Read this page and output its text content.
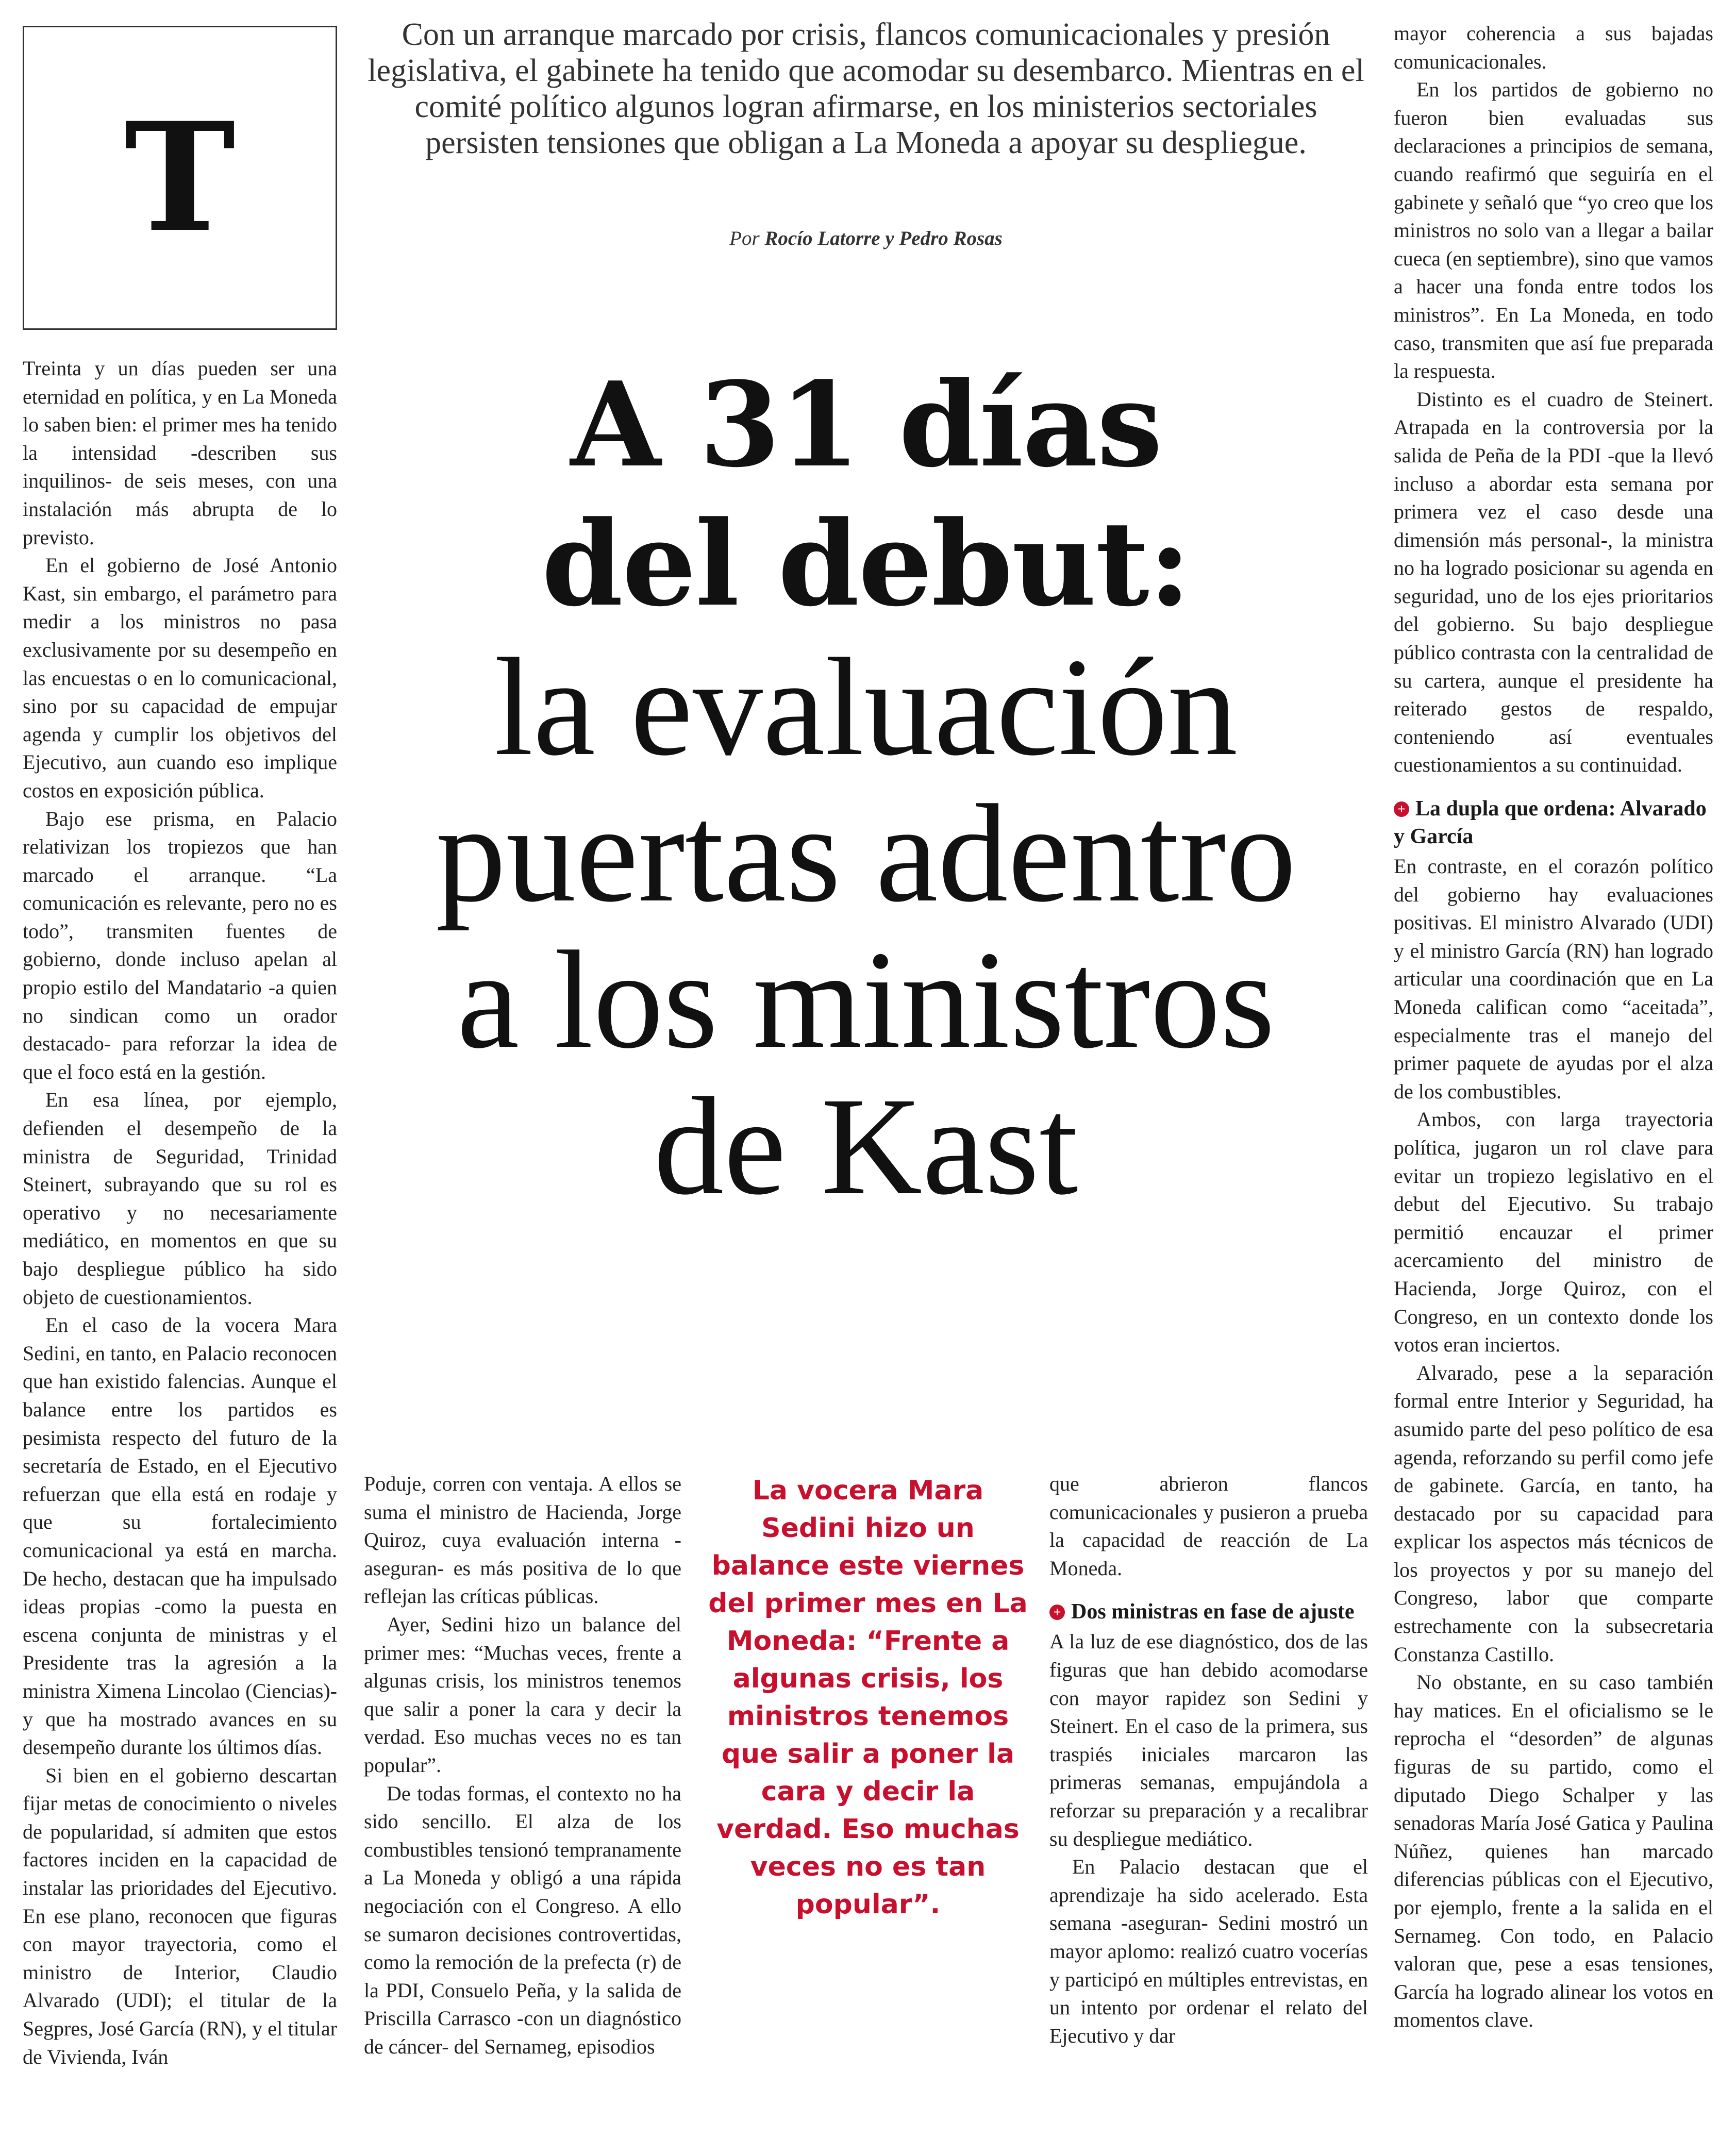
T
Con un arranque marcado por crisis, flancos comunicacionales y presión legislativa, el gabinete ha tenido que acomodar su desembarco. Mientras en el comité político algunos logran afirmarse, en los ministerios sectoriales persisten tensiones que obligan a La Moneda a apoyar su despliegue.
Por Rocío Latorre y Pedro Rosas
A 31 días
del debut:
la evaluación
puertas adentro
a los ministros
de Kast

Treinta y un días pueden ser una eternidad en política, y en La Moneda lo saben bien: el primer mes ha tenido la intensidad -describen sus inquilinos- de seis meses, con una instalación más abrupta de lo previsto.

En el gobierno de José Antonio Kast, sin embargo, el parámetro para medir a los ministros no pasa exclusivamente por su desempeño en las encuestas o en lo comunicacional, sino por su capacidad de empujar agenda y cumplir los objetivos del Ejecutivo, aun cuando eso implique costos en exposición pública.

Bajo ese prisma, en Palacio relativizan los tropiezos que han marcado el arranque. “La comunicación es relevante, pero no es todo”, transmiten fuentes de gobierno, donde incluso apelan al propio estilo del Mandatario -a quien no sindican como un orador destacado- para reforzar la idea de que el foco está en la gestión.

En esa línea, por ejemplo, defienden el desempeño de la ministra de Seguridad, Trinidad Steinert, subrayando que su rol es operativo y no necesariamente mediático, en momentos en que su bajo despliegue público ha sido objeto de cuestionamientos.

En el caso de la vocera Mara Sedini, en tanto, en Palacio reconocen que han existido falencias. Aunque el balance entre los partidos es pesimista respecto del futuro de la secretaría de Estado, en el Ejecutivo refuerzan que ella está en rodaje y que su fortalecimiento comunicacional ya está en marcha. De hecho, destacan que ha impulsado ideas propias -como la puesta en escena conjunta de ministras y el Presidente tras la agresión a la ministra Ximena Lincolao (Ciencias)- y que ha mostrado avances en su desempeño durante los últimos días.

Si bien en el gobierno descartan fijar metas de conocimiento o niveles de popularidad, sí admiten que estos factores inciden en la capacidad de instalar las prioridades del Ejecutivo. En ese plano, reconocen que figuras con mayor trayectoria, como el ministro de Interior, Claudio Alvarado (UDI); el titular de la Segpres, José García (RN), y el titular de Vivienda, Iván

Poduje, corren con ventaja. A ellos se suma el ministro de Hacienda, Jorge Quiroz, cuya evaluación interna -aseguran- es más positiva de lo que reflejan las críticas públicas.

Ayer, Sedini hizo un balance del primer mes: “Muchas veces, frente a algunas crisis, los ministros tenemos que salir a poner la cara y decir la verdad. Eso muchas veces no es tan popular”.

De todas formas, el contexto no ha sido sencillo. El alza de los combustibles tensionó tempranamente a La Moneda y obligó a una rápida negociación con el Congreso. A ello se sumaron decisiones controvertidas, como la remoción de la prefecta (r) de la PDI, Consuelo Peña, y la salida de Priscilla Carrasco -con un diagnóstico de cáncer- del Sernameg, episodios

La vocera Mara Sedini hizo un balance este viernes del primer mes en La Moneda: “Frente a algunas crisis, los ministros tenemos que salir a poner la cara y decir la verdad. Eso muchas veces no es tan popular”.

que abrieron flancos comunicacionales y pusieron a prueba la capacidad de reacción de La Moneda.

+ Dos ministras en fase de ajuste

A la luz de ese diagnóstico, dos de las figuras que han debido acomodarse con mayor rapidez son Sedini y Steinert. En el caso de la primera, sus traspiés iniciales marcaron las primeras semanas, empujándola a reforzar su preparación y a recalibrar su despliegue mediático.

En Palacio destacan que el aprendizaje ha sido acelerado. Esta semana -aseguran- Sedini mostró un mayor aplomo: realizó cuatro vocerías y participó en múltiples entrevistas, en un intento por ordenar el relato del Ejecutivo y dar

mayor coherencia a sus bajadas comunicacionales.

En los partidos de gobierno no fueron bien evaluadas sus declaraciones a principios de semana, cuando reafirmó que seguiría en el gabinete y señaló que “yo creo que los ministros no solo van a llegar a bailar cueca (en septiembre), sino que vamos a hacer una fonda entre todos los ministros”. En La Moneda, en todo caso, transmiten que así fue preparada la respuesta.

Distinto es el cuadro de Steinert. Atrapada en la controversia por la salida de Peña de la PDI -que la llevó incluso a abordar esta semana por primera vez el caso desde una dimensión más personal-, la ministra no ha logrado posicionar su agenda en seguridad, uno de los ejes prioritarios del gobierno. Su bajo despliegue público contrasta con la centralidad de su cartera, aunque el presidente ha reiterado gestos de respaldo, conteniendo así eventuales cuestionamientos a su continuidad.

+ La dupla que ordena: Alvarado y García

En contraste, en el corazón político del gobierno hay evaluaciones positivas. El ministro Alvarado (UDI) y el ministro García (RN) han logrado articular una coordinación que en La Moneda califican como “aceitada”, especialmente tras el manejo del primer paquete de ayudas por el alza de los combustibles.

Ambos, con larga trayectoria política, jugaron un rol clave para evitar un tropiezo legislativo en el debut del Ejecutivo. Su trabajo permitió encauzar el primer acercamiento del ministro de Hacienda, Jorge Quiroz, con el Congreso, en un contexto donde los votos eran inciertos.

Alvarado, pese a la separación formal entre Interior y Seguridad, ha asumido parte del peso político de esa agenda, reforzando su perfil como jefe de gabinete. García, en tanto, ha destacado por su capacidad para explicar los aspectos más técnicos de los proyectos y por su manejo del Congreso, labor que comparte estrechamente con la subsecretaria Constanza Castillo.

No obstante, en su caso también hay matices. En el oficialismo se le reprocha el “desorden” de algunas figuras de su partido, como el diputado Diego Schalper y las senadoras María José Gatica y Paulina Núñez, quienes han marcado diferencias públicas con el Ejecutivo, por ejemplo, frente a la salida en el Sernameg. Con todo, en Palacio valoran que, pese a esas tensiones, García ha logrado alinear los votos en momentos clave.
